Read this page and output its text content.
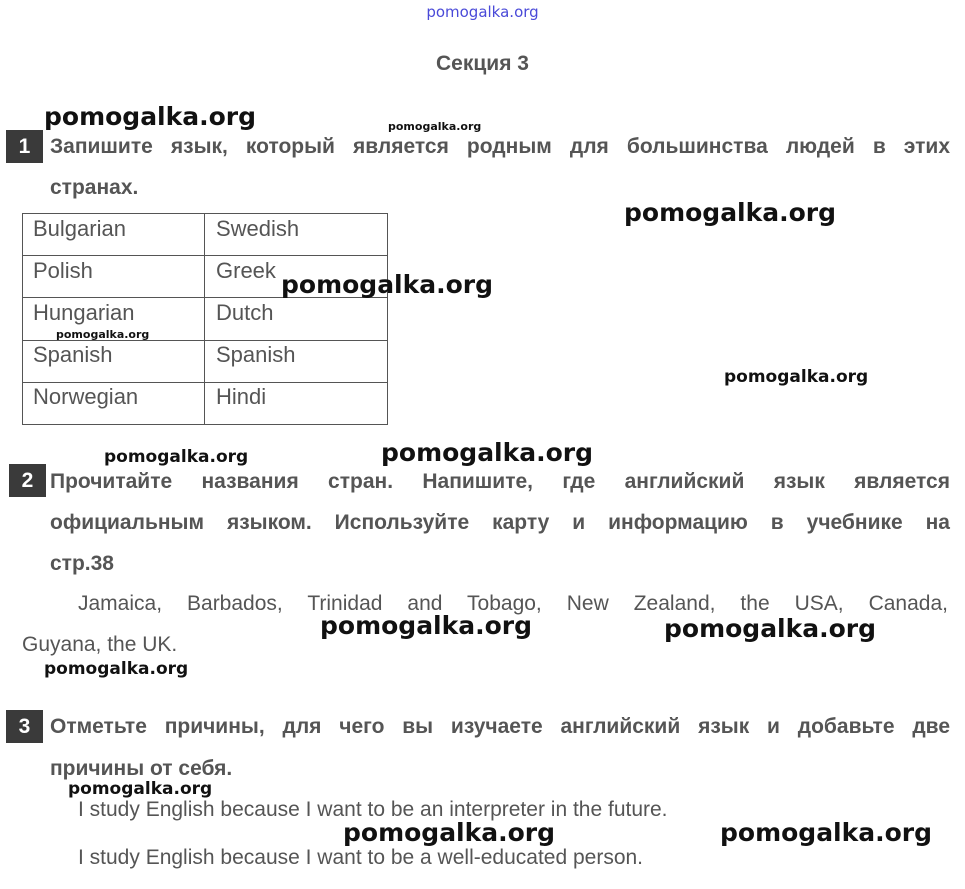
pomogalka.org
Секция 3
1 Запишите язык, который является родным для большинства людей в этих
странах.
Bulgarian	Swedish
Polish	Greek
Hungarian	Dutch
Spanish	Spanish
Norwegian	Hindi
2 Прочитайте названия стран. Напишите, где английский язык является
официальным языком. Используйте карту и информацию в учебнике на
стр.38
Jamaica, Barbados, Trinidad and Tobago, New Zealand, the USA, Canada,
Guyana, the UK.
3 Отметьте причины, для чего вы изучаете английский язык и добавьте две
причины от себя.
I study English because I want to be an interpreter in the future.
I study English because I want to be a well-educated person.
pomogalka.org	pomogalka.org
pomogalka.org
pomogalka.org
pomogalka.org
pomogalka.org
pomogalka.org	pomogalka.org
pomogalka.org	pomogalka.org
pomogalka.org
pomogalka.org
pomogalka.org	pomogalka.org
